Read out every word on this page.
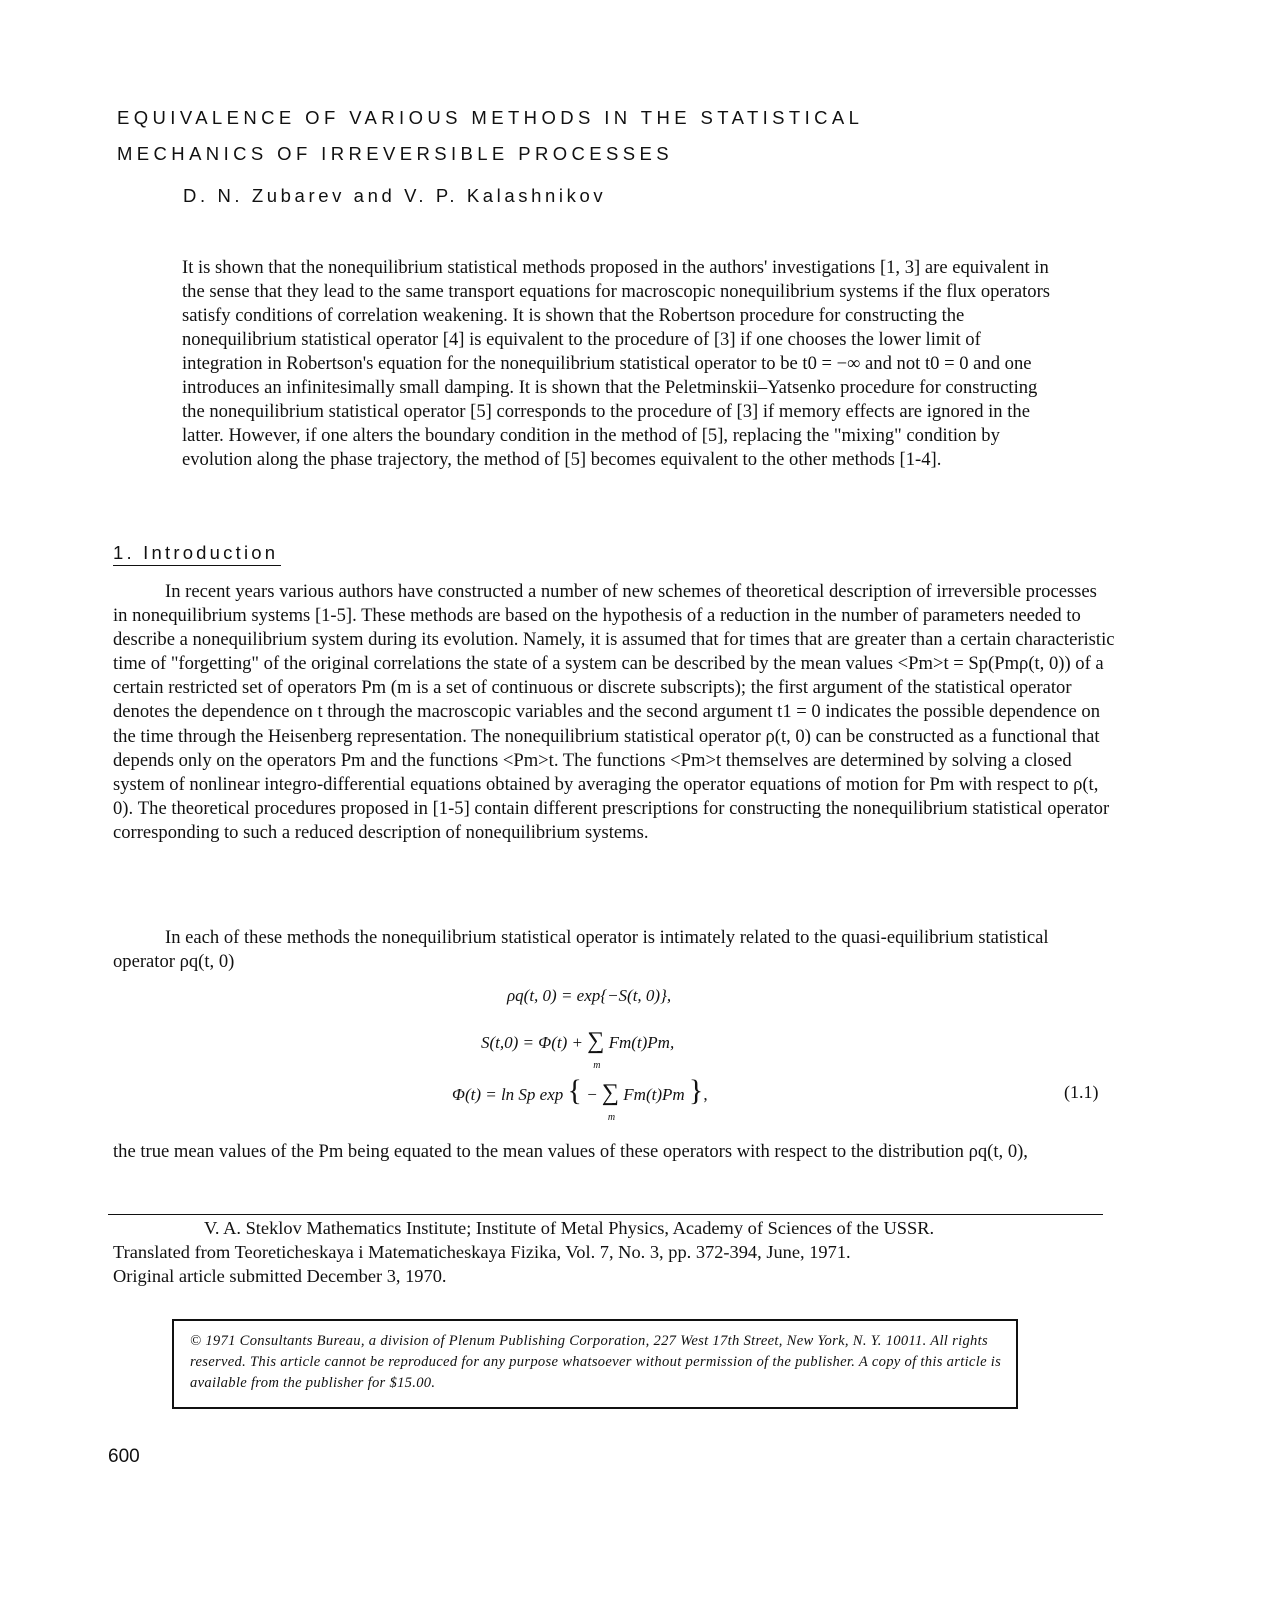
EQUIVALENCE OF VARIOUS METHODS IN THE STATISTICAL
MECHANICS OF IRREVERSIBLE PROCESSES
D. N. Zubarev and V. P. Kalashnikov

It is shown that the nonequilibrium statistical methods proposed in the authors' investigations [1, 3] are equivalent in the sense that they lead to the same transport equations for macroscopic nonequilibrium systems if the flux operators satisfy conditions of correlation weakening. It is shown that the Robertson procedure for constructing the nonequilibrium statistical operator [4] is equivalent to the procedure of [3] if one chooses the lower limit of integration in Robertson's equation for the nonequilibrium statistical operator to be t0 = −∞ and not t0 = 0 and one introduces an infinitesimally small damping. It is shown that the Peletminskii–Yatsenko procedure for constructing the nonequilibrium statistical operator [5] corresponds to the procedure of [3] if memory effects are ignored in the latter. However, if one alters the boundary condition in the method of [5], replacing the "mixing" condition by evolution along the phase trajectory, the method of [5] becomes equivalent to the other methods [1-4].

1. Introduction

In recent years various authors have constructed a number of new schemes of theoretical description of irreversible processes in nonequilibrium systems [1-5]. These methods are based on the hypothesis of a reduction in the number of parameters needed to describe a nonequilibrium system during its evolution. Namely, it is assumed that for times that are greater than a certain characteristic time of "forgetting" of the original correlations the state of a system can be described by the mean values <Pm>t = Sp(Pmρ(t, 0)) of a certain restricted set of operators Pm (m is a set of continuous or discrete subscripts); the first argument of the statistical operator denotes the dependence on t through the macroscopic variables and the second argument t1 = 0 indicates the possible dependence on the time through the Heisenberg representation. The nonequilibrium statistical operator ρ(t, 0) can be constructed as a functional that depends only on the operators Pm and the functions <Pm>t. The functions <Pm>t themselves are determined by solving a closed system of nonlinear integro-differential equations obtained by averaging the operator equations of motion for Pm with respect to ρ(t, 0). The theoretical procedures proposed in [1-5] contain different prescriptions for constructing the nonequilibrium statistical operator corresponding to such a reduced description of nonequilibrium systems.

In each of these methods the nonequilibrium statistical operator is intimately related to the quasi-equilibrium statistical operator ρq(t, 0)

ρq(t, 0) = exp{−S(t, 0)},
S(t,0) = Φ(t) + ∑
m
Fm(t)Pm,
Φ(t) = ln Sp exp { − ∑
m
Fm(t)Pm },	(1.1)

the true mean values of the Pm being equated to the mean values of these operators with respect to the distribution ρq(t, 0),

V. A. Steklov Mathematics Institute; Institute of Metal Physics, Academy of Sciences of the USSR.

Translated from Teoreticheskaya i Matematicheskaya Fizika, Vol. 7, No. 3, pp. 372-394, June, 1971.

Original article submitted December 3, 1970.

© 1971 Consultants Bureau, a division of Plenum Publishing Corporation, 227 West 17th Street, New York, N. Y. 10011. All rights reserved. This article cannot be reproduced for any purpose whatsoever without permission of the publisher. A copy of this article is available from the publisher for $15.00.

600
